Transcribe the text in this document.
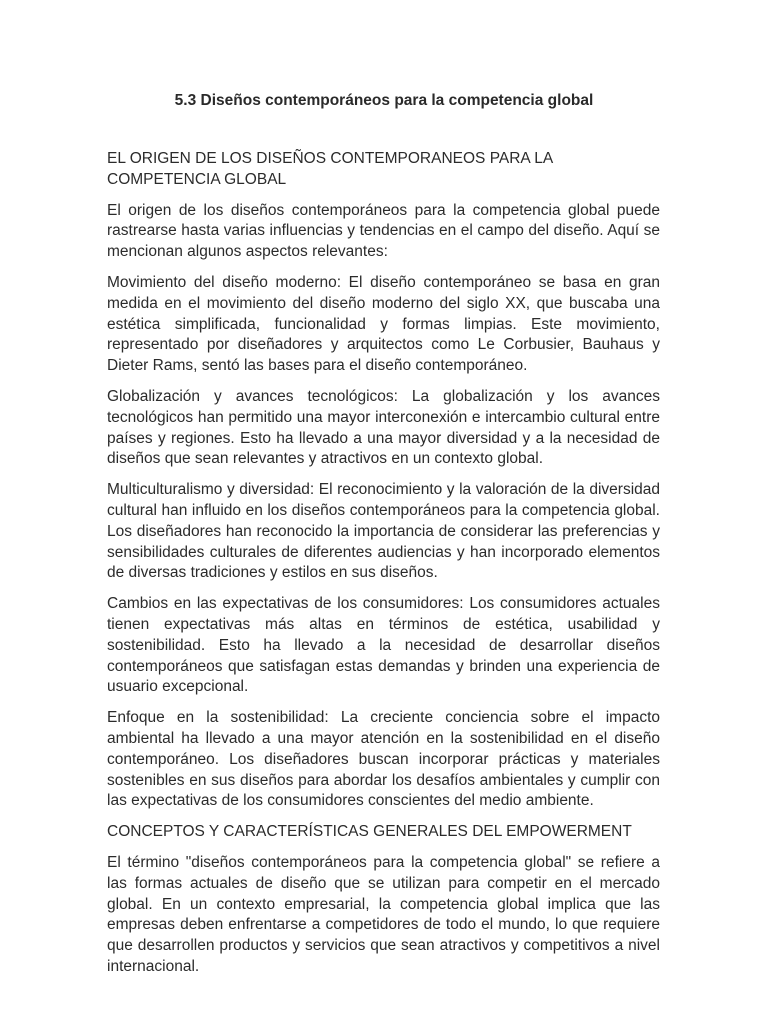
5.3 Diseños contemporáneos para la competencia global
EL ORIGEN DE LOS DISEÑOS CONTEMPORANEOS PARA LA COMPETENCIA GLOBAL

El origen de los diseños contemporáneos para la competencia global puede rastrearse hasta varias influencias y tendencias en el campo del diseño. Aquí se mencionan algunos aspectos relevantes:

Movimiento del diseño moderno: El diseño contemporáneo se basa en gran medida en el movimiento del diseño moderno del siglo XX, que buscaba una estética simplificada, funcionalidad y formas limpias. Este movimiento, representado por diseñadores y arquitectos como Le Corbusier, Bauhaus y Dieter Rams, sentó las bases para el diseño contemporáneo.

Globalización y avances tecnológicos: La globalización y los avances tecnológicos han permitido una mayor interconexión e intercambio cultural entre países y regiones. Esto ha llevado a una mayor diversidad y a la necesidad de diseños que sean relevantes y atractivos en un contexto global.

Multiculturalismo y diversidad: El reconocimiento y la valoración de la diversidad cultural han influido en los diseños contemporáneos para la competencia global. Los diseñadores han reconocido la importancia de considerar las preferencias y sensibilidades culturales de diferentes audiencias y han incorporado elementos de diversas tradiciones y estilos en sus diseños.

Cambios en las expectativas de los consumidores: Los consumidores actuales tienen expectativas más altas en términos de estética, usabilidad y sostenibilidad. Esto ha llevado a la necesidad de desarrollar diseños contemporáneos que satisfagan estas demandas y brinden una experiencia de usuario excepcional.

Enfoque en la sostenibilidad: La creciente conciencia sobre el impacto ambiental ha llevado a una mayor atención en la sostenibilidad en el diseño contemporáneo. Los diseñadores buscan incorporar prácticas y materiales sostenibles en sus diseños para abordar los desafíos ambientales y cumplir con las expectativas de los consumidores conscientes del medio ambiente.

CONCEPTOS Y CARACTERÍSTICAS GENERALES DEL EMPOWERMENT

El término "diseños contemporáneos para la competencia global" se refiere a las formas actuales de diseño que se utilizan para competir en el mercado global. En un contexto empresarial, la competencia global implica que las empresas deben enfrentarse a competidores de todo el mundo, lo que requiere que desarrollen productos y servicios que sean atractivos y competitivos a nivel internacional.
